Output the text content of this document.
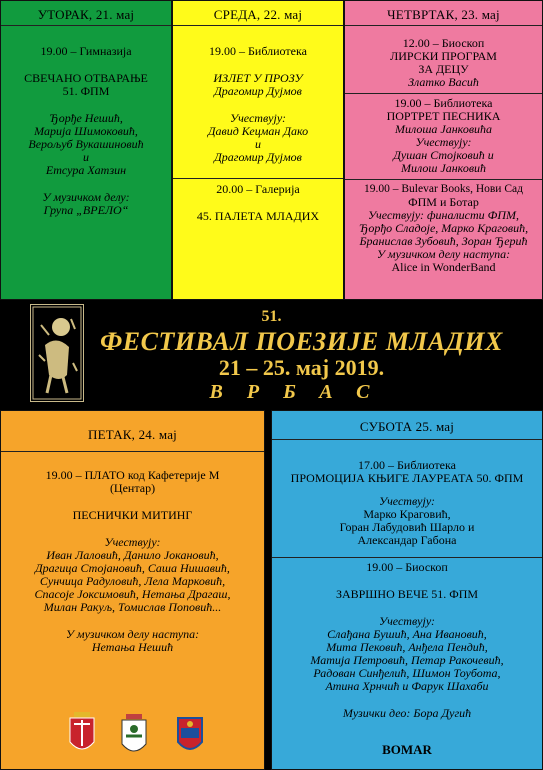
УТОРАК, 21. мај
19.00 – Гимназија
СВЕЧАНО ОТВАРАЊЕ
51. ФПМ
Ђорђе Нешић,
Марија Шимоковић,
Верољуб Вукашиновић
и
Етсура Хатзин
У музичком делу:
Група „ВРЕЛО“
СРЕДА, 22. мај
19.00 – Библиотека
ИЗЛЕТ У ПРОЗУ
Драгомир Дујмов
Учествују:
Давид Кецман Дако
и
Драгомир Дујмов
20.00 – Галерија
45. ПАЛЕТА МЛАДИХ
ЧЕТВРТАК, 23. мај
12.00 – Биоскоп
ЛИРСКИ ПРОГРАМ
ЗА ДЕЦУ
Златко Васић
19.00 – Библиотека
ПОРТРЕТ ПЕСНИКА
Милоша Јанковића
Учествују:
Душан Стојковић и
Милош Јанковић
19.00 – Bulevar Books, Нови Сад
ФПМ и Ботар
Учествују: финалисти ФПМ,
Ђорђо Сладоје, Марко Краговић,
Бранислав Зубовић, Зоран Ђерић
У музичком делу наступа:
Alice in WonderBand
51.
ФЕСТИВАЛ ПОЕЗИЈЕ МЛАДИХ
21 – 25. мај 2019.
ВРБАС
ПЕТАК, 24. мај
19.00 – ПЛАТО код Кафетерије М
(Центар)
ПЕСНИЧКИ МИТИНГ
Учествују:
Иван Лаловић, Данило Јокановић,
Драгица Стојановић, Саша Нишавић,
Сунчица Радуловић, Лела Марковић,
Спасоје Јоксимовић, Нетања Драгаш,
Милан Ракуљ, Томислав Поповић...
У музичком делу наступа:
Нетања Нешић
СУБОТА 25. мај
17.00 – Библиотека
ПРОМОЦИЈА КЊИГЕ ЛАУРЕАТА 50. ФПМ
Учествују:
Марко Краговић,
Горан Лабудовић Шарло и
Александар Габона
19.00 – Биоскоп
ЗАВРШНО ВЕЧЕ 51. ФПМ
Учествују:
Слађана Бушић, Ана Ивановић,
Мита Пековић, Анђела Пендић,
Матија Петровић, Петар Ракочевић,
Радован Синђелић, Шимон Тоубота,
Атина Хрнчић и Фарук Шахаби
Музички део: Бора Дугић
BOMAR
